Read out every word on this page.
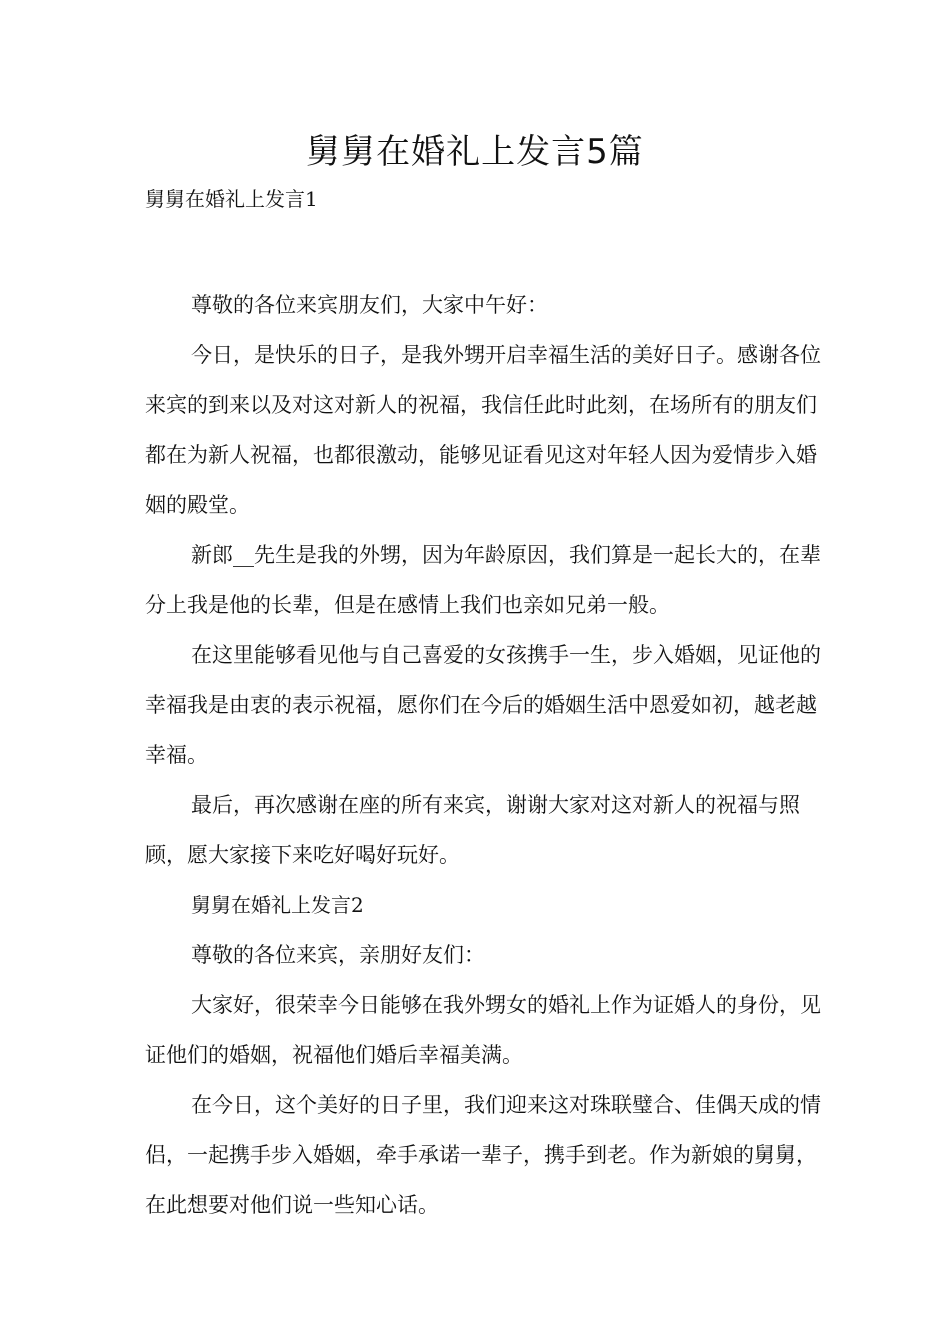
舅舅在婚礼上发言5篇
舅舅在婚礼上发言1

尊敬的各位来宾朋友们，大家中午好：

今日，是快乐的日子，是我外甥开启幸福生活的美好日子。感谢各位来宾的到来以及对这对新人的祝福，我信任此时此刻，在场所有的朋友们都在为新人祝福，也都很激动，能够见证看见这对年轻人因为爱情步入婚姻的殿堂。

新郎__先生是我的外甥，因为年龄原因，我们算是一起长大的，在辈分上我是他的长辈，但是在感情上我们也亲如兄弟一般。

在这里能够看见他与自己喜爱的女孩携手一生，步入婚姻，见证他的幸福我是由衷的表示祝福，愿你们在今后的婚姻生活中恩爱如初，越老越幸福。

最后，再次感谢在座的所有来宾，谢谢大家对这对新人的祝福与照顾，愿大家接下来吃好喝好玩好。

舅舅在婚礼上发言2

尊敬的各位来宾，亲朋好友们：

大家好，很荣幸今日能够在我外甥女的婚礼上作为证婚人的身份，见证他们的婚姻，祝福他们婚后幸福美满。

在今日，这个美好的日子里，我们迎来这对珠联璧合、佳偶天成的情侣，一起携手步入婚姻，牵手承诺一辈子，携手到老。作为新娘的舅舅，在此想要对他们说一些知心话。
